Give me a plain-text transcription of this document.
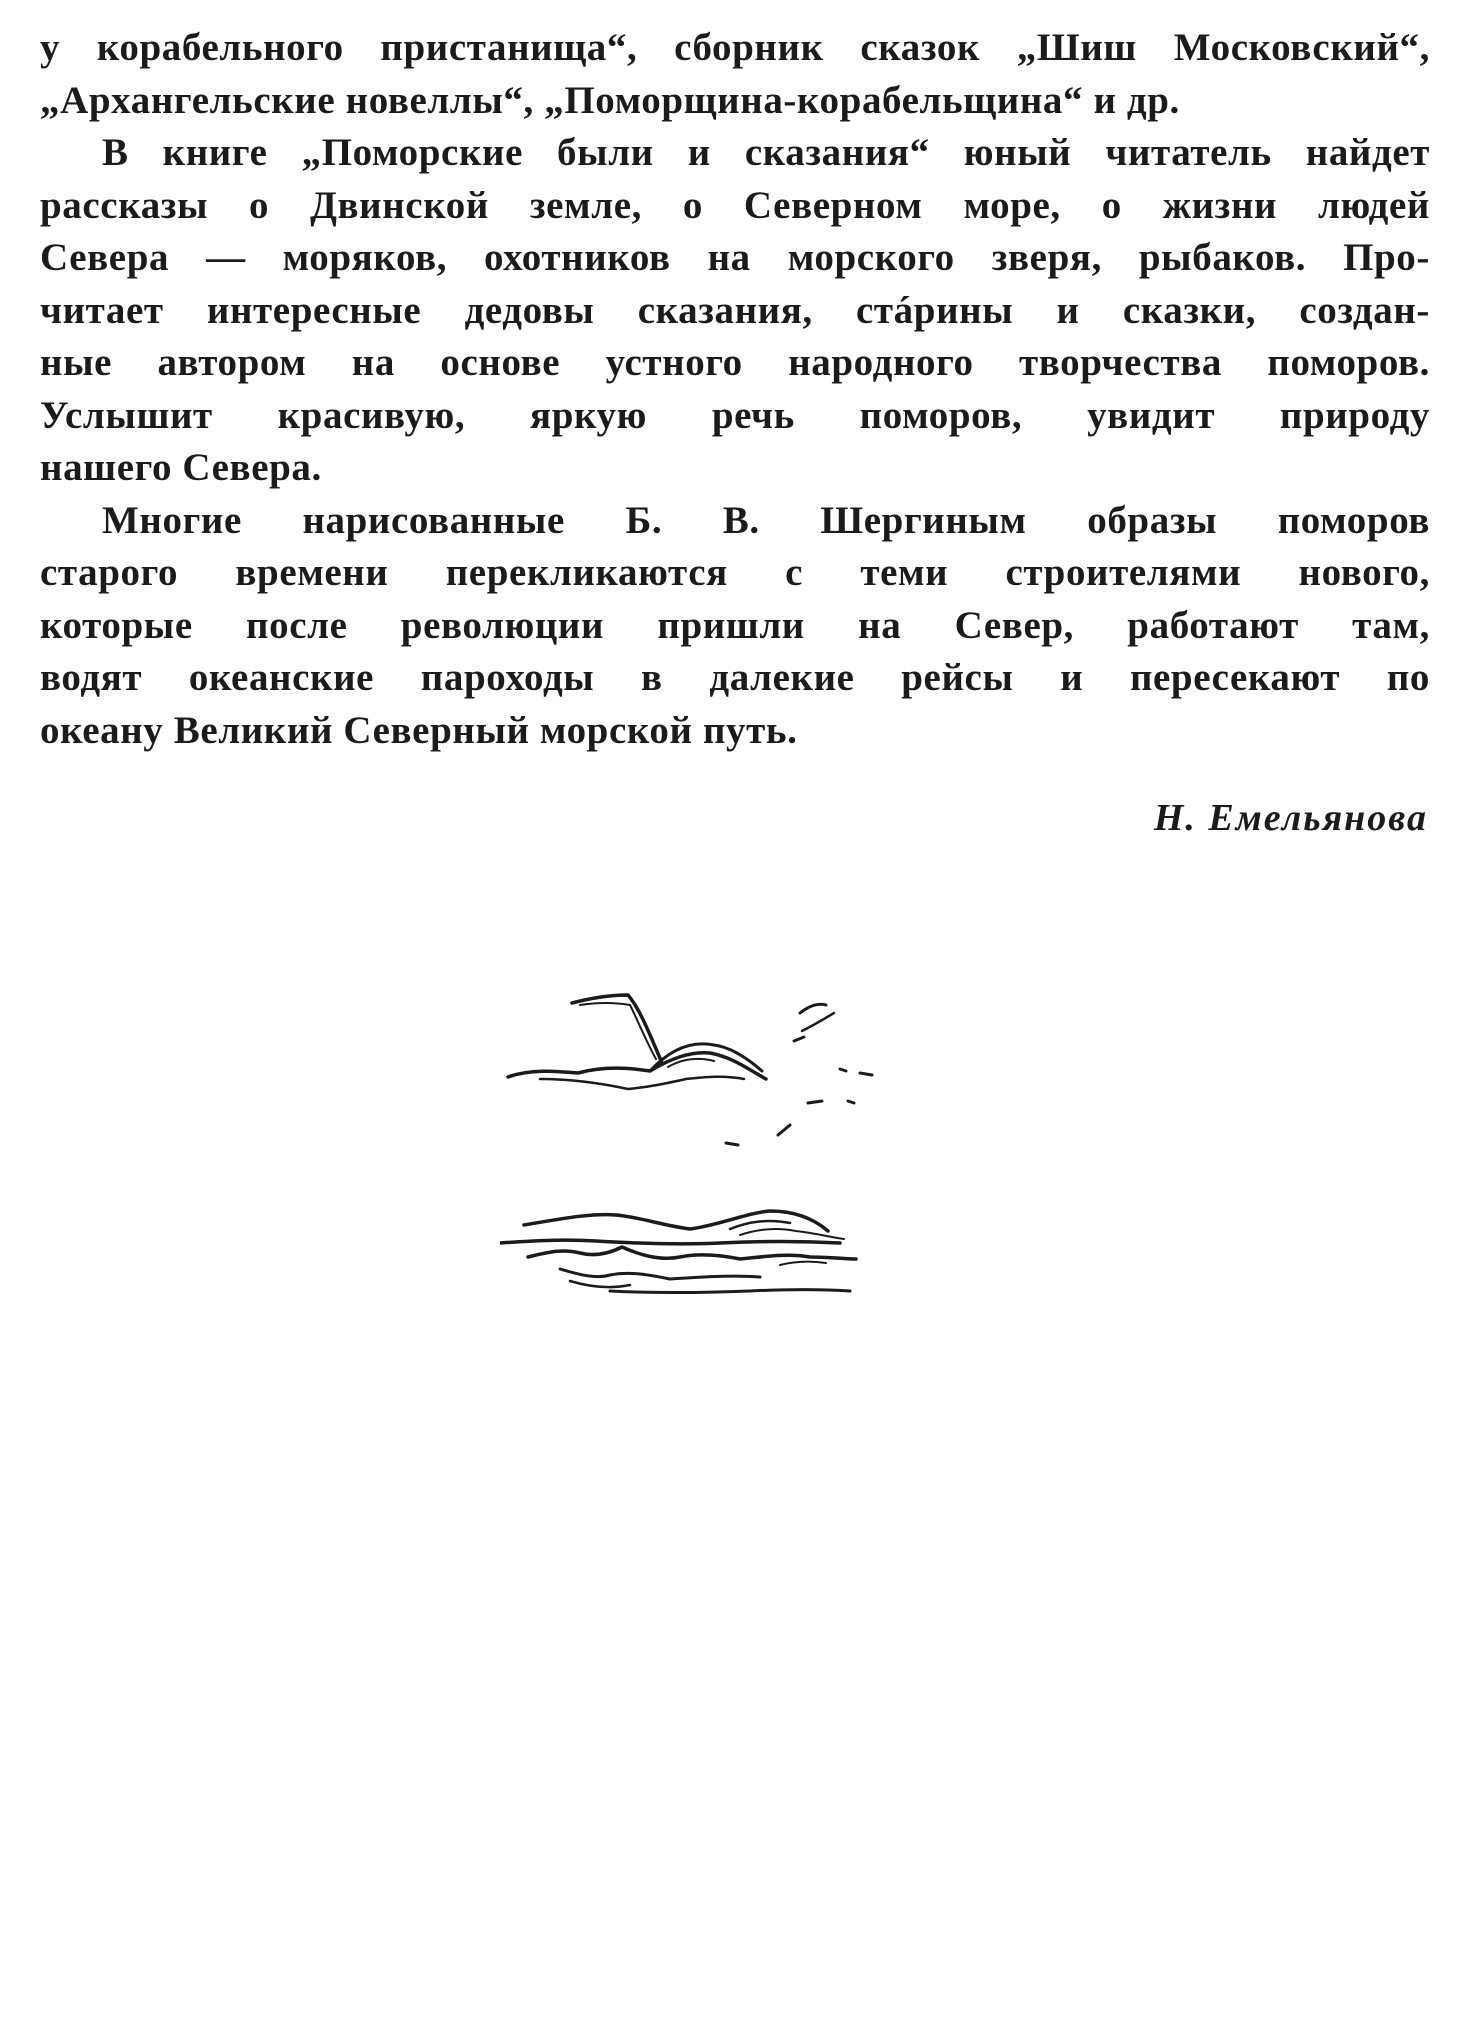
у корабельного пристанища“, сборник сказок „Шиш Московский“,
„Архангельские новеллы“, „Поморщина-корабельщина“ и др.

В книге „Поморские были и сказания“ юный читатель найдет
рассказы о Двинской земле, о Северном море, о жизни людей
Севера — моряков, охотников на морского зверя, рыбаков. Про-
читает интересные дедовы сказания, стáрины и сказки, создан-
ные автором на основе устного народного творчества поморов.
Услышит красивую, яркую речь поморов, увидит природу
нашего Севера.

Многие нарисованные Б. В. Шергиным образы поморов
старого времени перекликаются с теми строителями нового,
которые после революции пришли на Север, работают там,
водят океанские пароходы в далекие рейсы и пересекают по
океану Великий Северный морской путь.

Н. Емельянова
